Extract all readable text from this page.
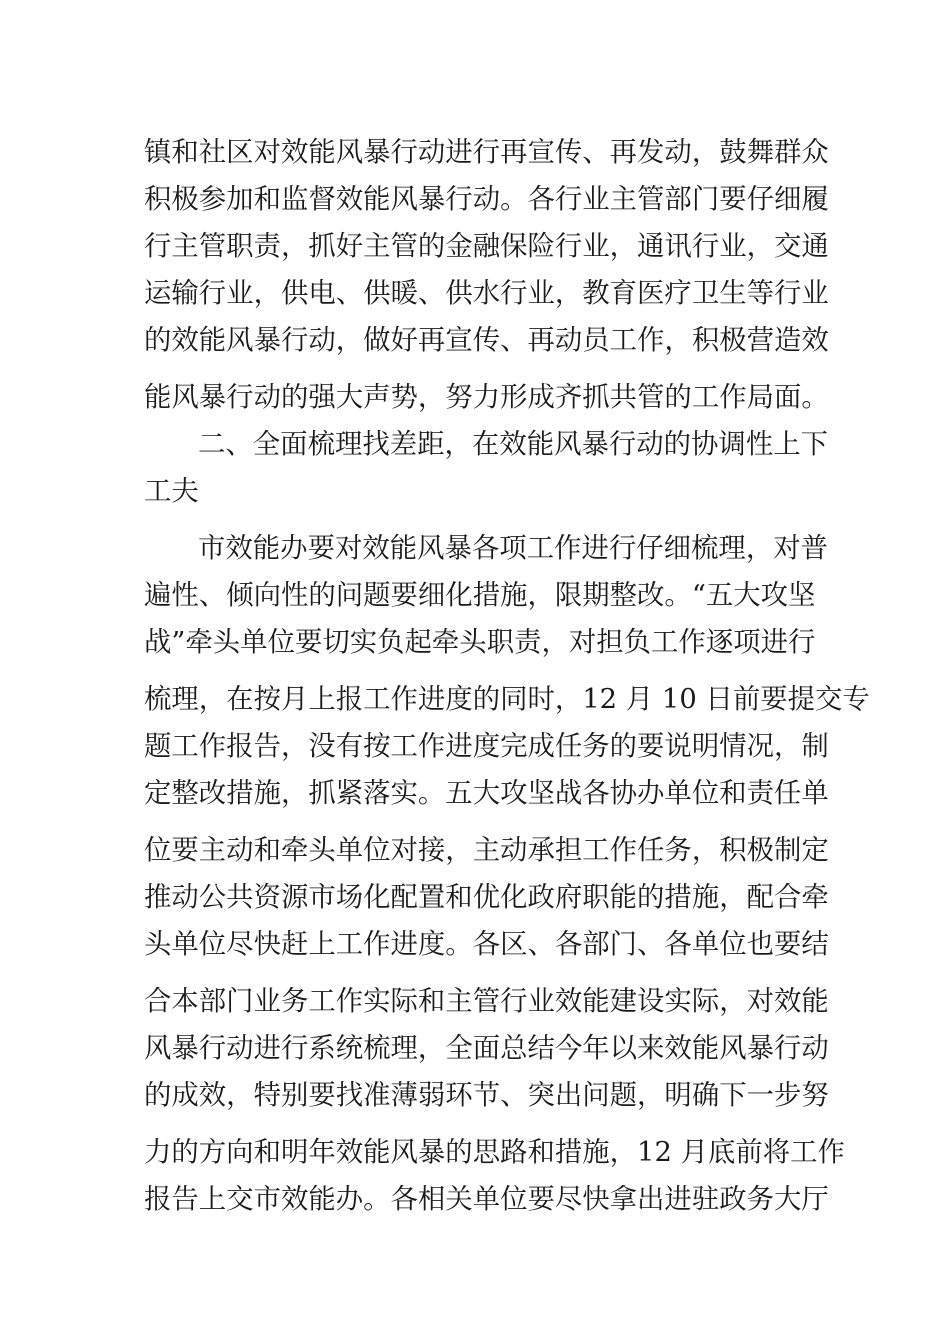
镇和社区对效能风暴行动进行再宣传、再发动，鼓舞群众
积极参加和监督效能风暴行动。各行业主管部门要仔细履
行主管职责，抓好主管的金融保险行业，通讯行业，交通
运输行业，供电、供暖、供水行业，教育医疗卫生等行业
的效能风暴行动，做好再宣传、再动员工作，积极营造效
能风暴行动的强大声势，努力形成齐抓共管的工作局面。
二、全面梳理找差距，在效能风暴行动的协调性上下
工夫
市效能办要对效能风暴各项工作进行仔细梳理，对普
遍性、倾向性的问题要细化措施，限期整改。“五大攻坚
战”牵头单位要切实负起牵头职责，对担负工作逐项进行
梳理，在按月上报工作进度的同时，12 月 10 日前要提交专
题工作报告，没有按工作进度完成任务的要说明情况，制
定整改措施，抓紧落实。五大攻坚战各协办单位和责任单
位要主动和牵头单位对接，主动承担工作任务，积极制定
推动公共资源市场化配置和优化政府职能的措施，配合牵
头单位尽快赶上工作进度。各区、各部门、各单位也要结
合本部门业务工作实际和主管行业效能建设实际，对效能
风暴行动进行系统梳理，全面总结今年以来效能风暴行动
的成效，特别要找准薄弱环节、突出问题，明确下一步努
力的方向和明年效能风暴的思路和措施，12 月底前将工作
报告上交市效能办。各相关单位要尽快拿出进驻政务大厅
